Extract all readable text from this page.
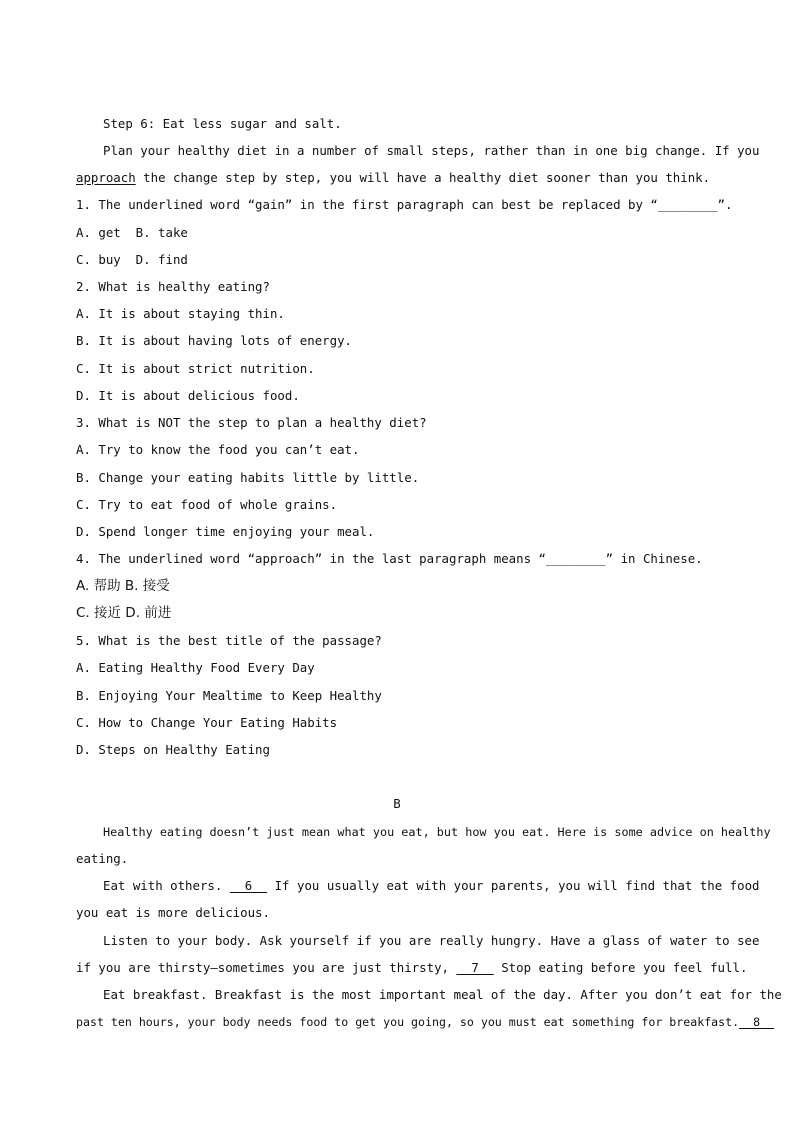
Step 6: Eat less sugar and salt.
Plan your healthy diet in a number of small steps, rather than in one big change. If you
approach the change step by step, you will have a healthy diet sooner than you think.
1. The underlined word “gain” in the first paragraph can best be replaced by “________”.
A. get  B. take
C. buy  D. find
2. What is healthy eating?
A. It is about staying thin.
B. It is about having lots of energy.
C. It is about strict nutrition.
D. It is about delicious food.
3. What is NOT the step to plan a healthy diet?
A. Try to know the food you can’t eat.
B. Change your eating habits little by little.
C. Try to eat food of whole grains.
D. Spend longer time enjoying your meal.
4. The underlined word “approach” in the last paragraph means “________” in Chinese.
A. 帮助 B. 接受
C. 接近 D. 前进
5. What is the best title of the passage?
A. Eating Healthy Food Every Day
B. Enjoying Your Mealtime to Keep Healthy
C. How to Change Your Eating Habits
D. Steps on Healthy Eating
B
Healthy eating doesn’t just mean what you eat, but how you eat. Here is some advice on healthy
eating.
Eat with others.   6   If you usually eat with your parents, you will find that the food
you eat is more delicious.
Listen to your body. Ask yourself if you are really hungry. Have a glass of water to see
if you are thirsty—sometimes you are just thirsty,   7   Stop eating before you feel full.
Eat breakfast. Breakfast is the most important meal of the day. After you don’t eat for the
past ten hours, your body needs food to get you going, so you must eat something for breakfast.  8
